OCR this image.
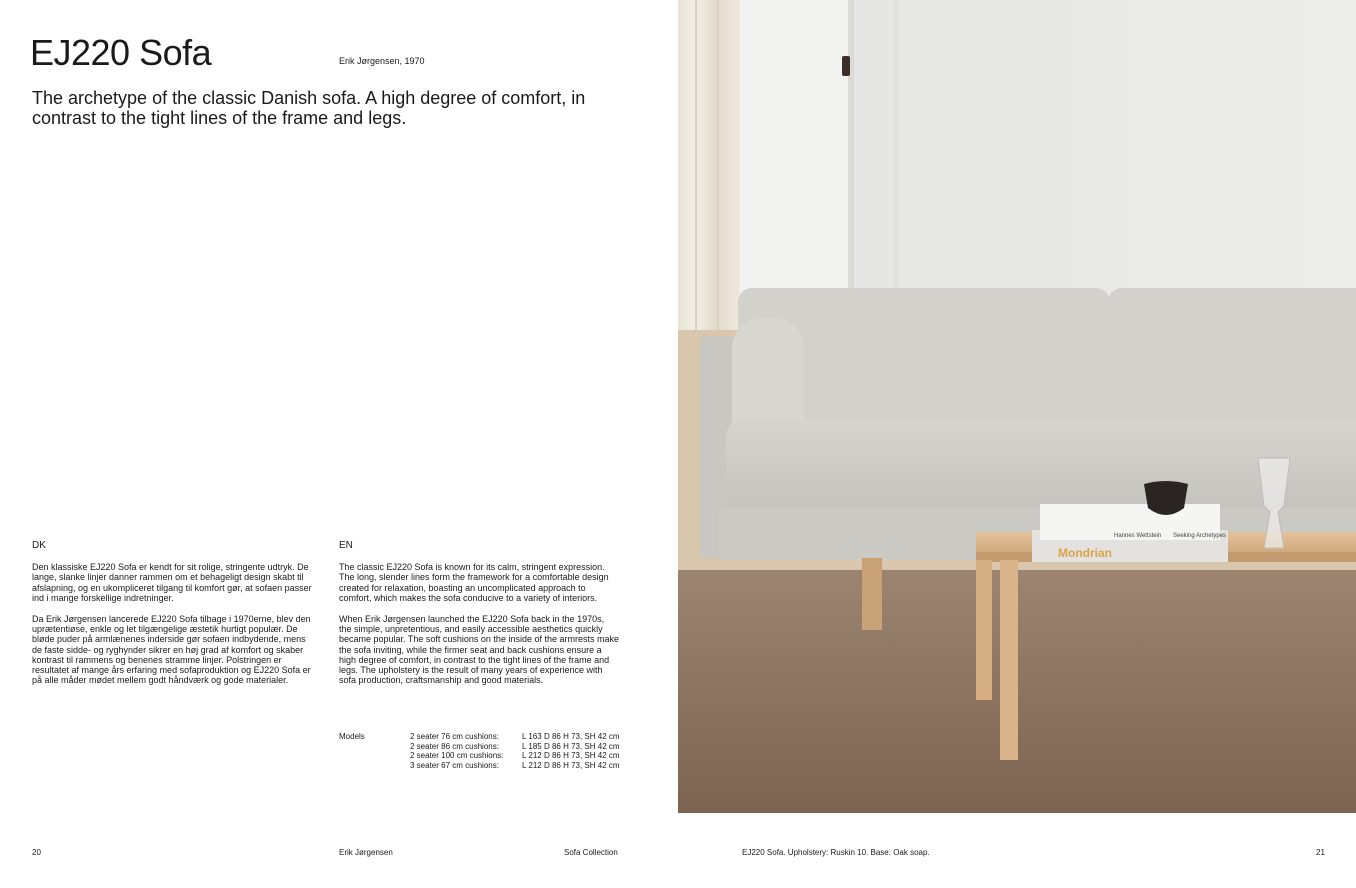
EJ220 Sofa	Erik Jørgensen, 1970
The archetype of the classic Danish sofa. A high degree of comfort, in contrast to the tight lines of the frame and legs.
DK

Den klassiske EJ220 Sofa er kendt for sit rolige, stringente udtryk. De lange, slanke linjer danner rammen om et behageligt design skabt til afslapning, og en ukompliceret tilgang til komfort gør, at sofaen passer ind i mange forskellige indretninger.

Da Erik Jørgensen lancerede EJ220 Sofa tilbage i 1970erne, blev den uprætentiøse, enkle og let tilgængelige æstetik hurtigt populær. De bløde puder på armlænenes inderside gør sofaen indbydende, mens de faste sidde- og ryghynder sikrer en høj grad af komfort og skaber kontrast til rammens og benenes stramme linjer. Polstringen er resultatet af mange års erfaring med sofaproduktion og EJ220 Sofa er på alle måder mødet mellem godt håndværk og gode materialer.

EN

The classic EJ220 Sofa is known for its calm, stringent expression. The long, slender lines form the framework for a comfortable design created for relaxation, boasting an uncomplicated approach to comfort, which makes the sofa conducive to a variety of interiors.

When Erik Jørgensen launched the EJ220 Sofa back in the 1970s, the simple, unpretentious, and easily accessible aesthetics quickly became popular. The soft cushions on the inside of the armrests make the sofa inviting, while the firmer seat and back cushions ensure a high degree of comfort, in contrast to the tight lines of the frame and legs. The upholstery is the result of many years of experience with sofa production, craftsmanship and good materials.

Models	2 seater 76 cm cushions:	L 163 D 86 H 73, SH 42 cm
2 seater 86 cm cushions:	L 185 D 86 H 73, SH 42 cm
2 seater 100 cm cushions:	L 212 D 86 H 73, SH 42 cm
3 seater 67 cm cushions:	L 212 D 86 H 73, SH 42 cm
Hannes Wettstein Seeking Archetypes
Mondrian
20	Erik Jørgensen	Sofa Collection	EJ220 Sofa. Upholstery: Ruskin 10. Base: Oak soap.	21
